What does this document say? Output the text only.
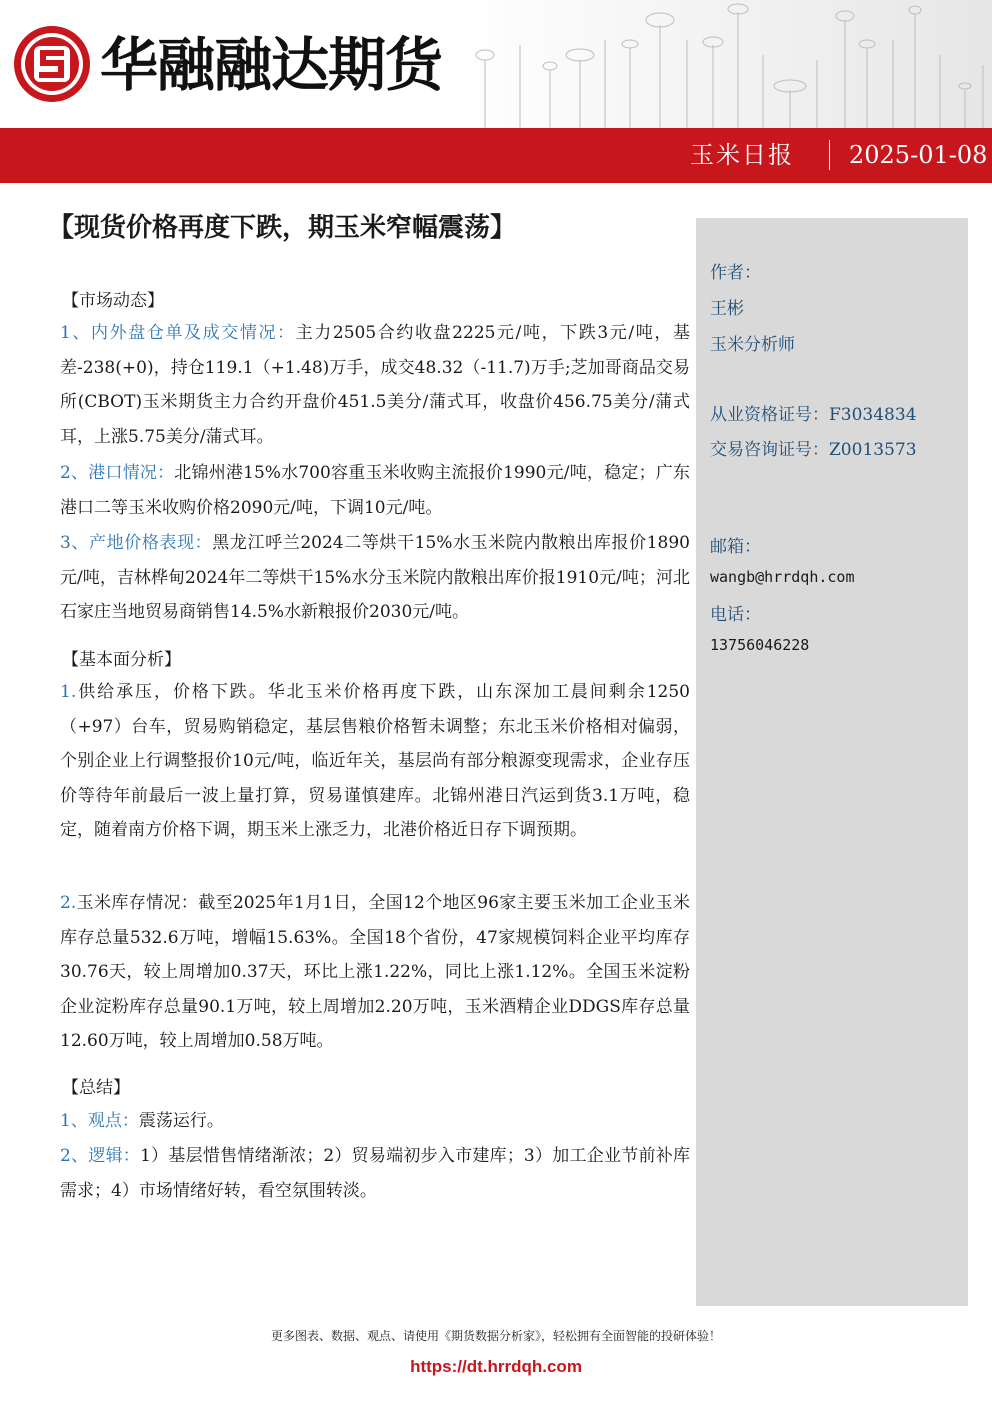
华融融达期货
玉米日报 2025-01-08
【现货价格再度下跌，期玉米窄幅震荡】
作者：
王彬
玉米分析师
从业资格证号：F3034834
交易咨询证号：Z0013573
邮箱：
wangb@hrrdqh.com
电话：
13756046228
【市场动态】
1、内外盘仓单及成交情况：主力2505合约收盘2225元/吨，下跌3元/吨，基差-238(+0)，持仓119.1（+1.48)万手，成交48.32（-11.7)万手;芝加哥商品交易所(CBOT)玉米期货主力合约开盘价451.5美分/蒲式耳，收盘价456.75美分/蒲式耳，上涨5.75美分/蒲式耳。
2、港口情况：北锦州港15%水700容重玉米收购主流报价1990元/吨，稳定；广东港口二等玉米收购价格2090元/吨，下调10元/吨。
3、产地价格表现：黑龙江呼兰2024二等烘干15%水玉米院内散粮出库报价1890元/吨，吉林桦甸2024年二等烘干15%水分玉米院内散粮出库价报1910元/吨；河北石家庄当地贸易商销售14.5%水新粮报价2030元/吨。
【基本面分析】
1.供给承压，价格下跌。华北玉米价格再度下跌，山东深加工晨间剩余1250（+97）台车，贸易购销稳定，基层售粮价格暂未调整；东北玉米价格相对偏弱，个别企业上行调整报价10元/吨，临近年关，基层尚有部分粮源变现需求，企业存压价等待年前最后一波上量打算，贸易谨慎建库。北锦州港日汽运到货3.1万吨，稳定，随着南方价格下调，期玉米上涨乏力，北港价格近日存下调预期。
2.玉米库存情况：截至2025年1月1日，全国12个地区96家主要玉米加工企业玉米库存总量532.6万吨，增幅15.63%。全国18个省份，47家规模饲料企业平均库存30.76天，较上周增加0.37天，环比上涨1.22%，同比上涨1.12%。全国玉米淀粉企业淀粉库存总量90.1万吨，较上周增加2.20万吨，玉米酒精企业DDGS库存总量12.60万吨，较上周增加0.58万吨。
【总结】
1、观点：震荡运行。
2、逻辑：1）基层惜售情绪渐浓；2）贸易端初步入市建库；3）加工企业节前补库需求；4）市场情绪好转，看空氛围转淡。
更多图表、数据、观点、请使用《期货数据分析家》，轻松拥有全面智能的投研体验！
https://dt.hrrdqh.com
